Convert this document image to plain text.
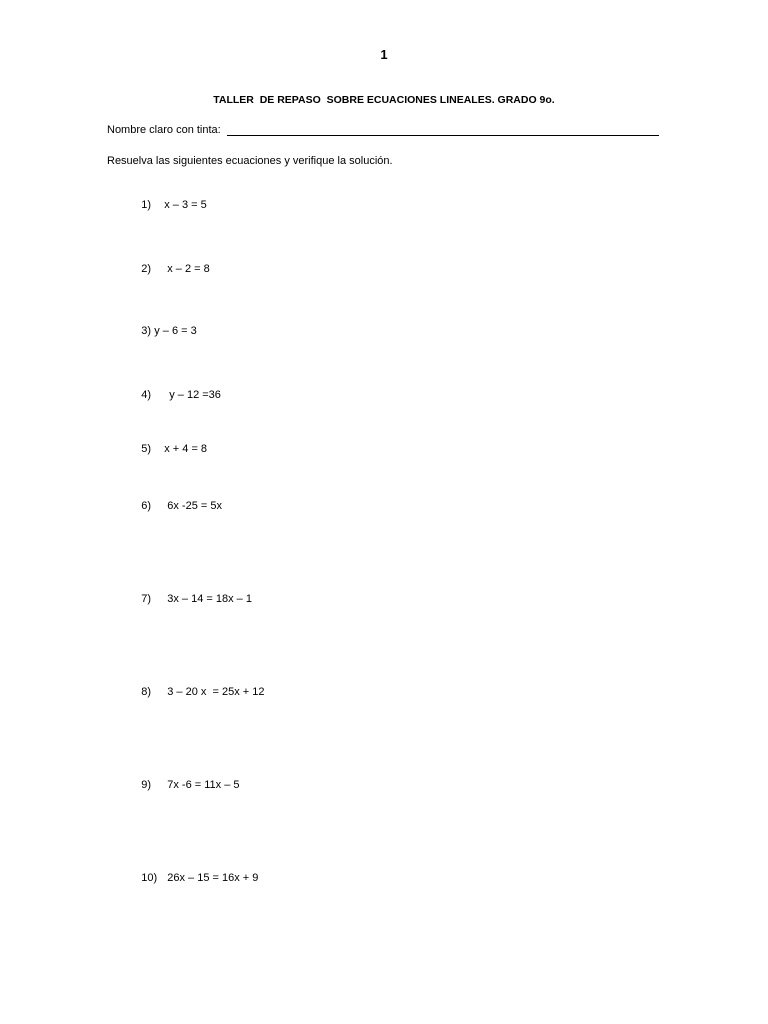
1
TALLER  DE REPASO  SOBRE ECUACIONES LINEALES. GRADO 9o.
Nombre claro con tinta:
Resuelva las siguientes ecuaciones y verifique la solución.

1) x – 3 = 5

2) x – 2 = 8

3) y – 6 = 3

4) y – 12 =36

5) x + 4 = 8

6) 6x -25 = 5x

7) 3x – 14 = 18x – 1

8) 3 – 20 x  = 25x + 12

9) 7x -6 = 11x – 5

10) 26x – 15 = 16x + 9
